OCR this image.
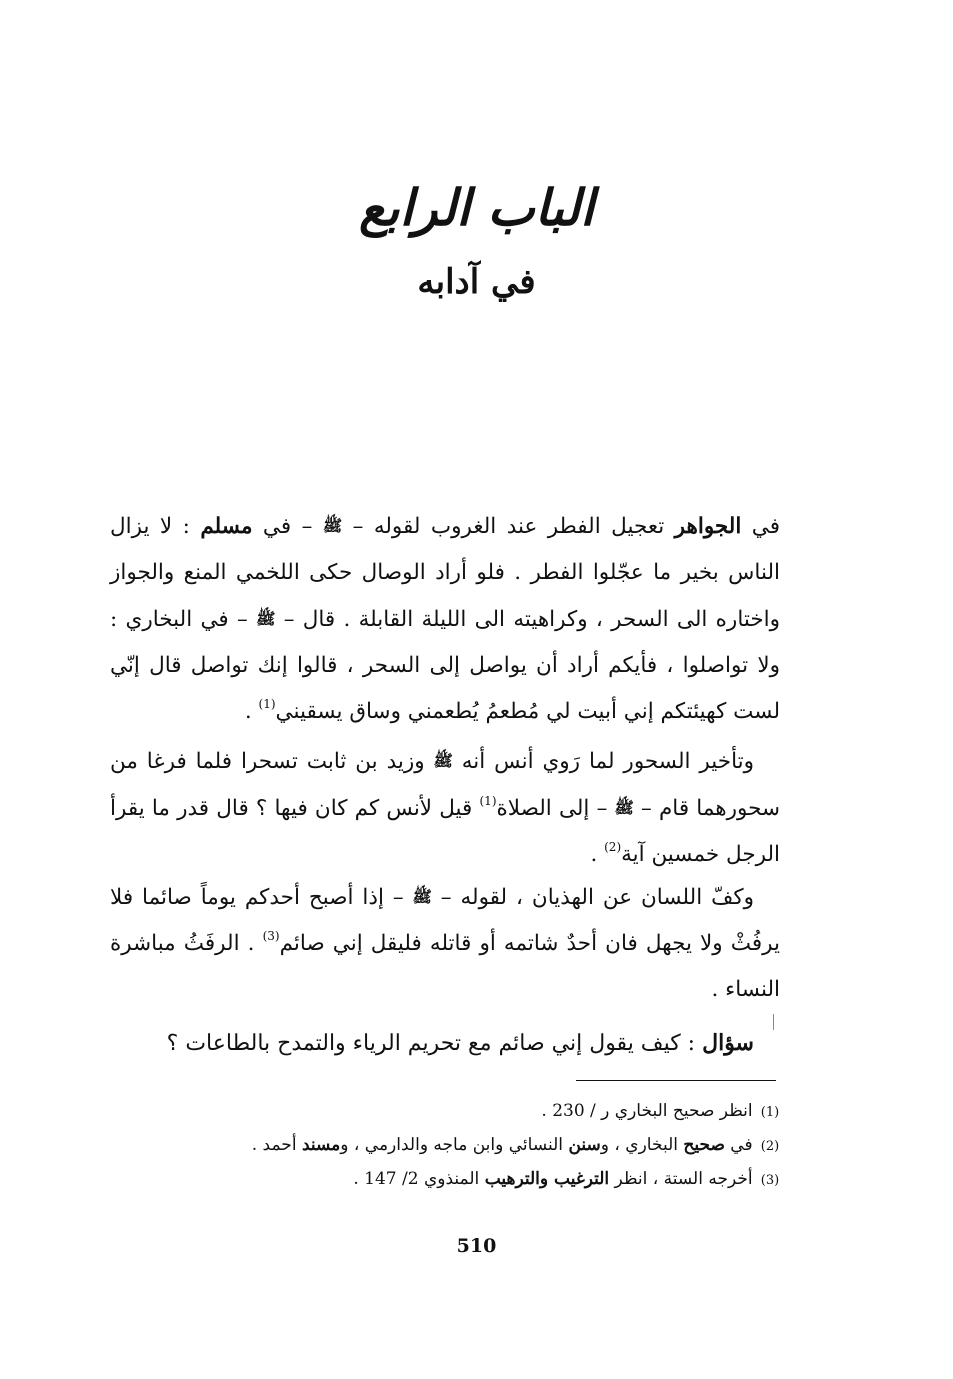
الباب الرابع
في آدابه
في الجواهر تعجيل الفطر عند الغروب لقوله – ﷺ – في مسلم : لا يزال الناس بخير ما عجّلوا الفطر . فلو أراد الوصال حكى اللخمي المنع والجواز واختاره الى السحر ، وكراهيته الى الليلة القابلة . قال – ﷺ – في البخاري : ولا تواصلوا ، فأيكم أراد أن يواصل إلى السحر ، قالوا إنك تواصل قال إنّي لست كهيئتكم إني أبيت لي مُطعمُ يُطعمني وساق يسقيني$^{(1)}$ .
وتأخير السحور لما رَوي أنس أنه ﷺ وزيد بن ثابت تسحرا فلما فرغا من سحورهما قام – ﷺ – إلى الصلاة$^{(1)}$ قيل لأنس كم كان فيها ؟ قال قدر ما يقرأ الرجل خمسين آية$^{(2)}$ .
وكفّ اللسان عن الهذيان ، لقوله – ﷺ – إذا أصبح أحدكم يوماً صائما فلا يرفُثْ ولا يجهل فان أحدٌ شاتمه أو قاتله فليقل إني صائم$^{(3)}$ . الرفَثُ مباشرة النساء .
سؤال : كيف يقول إني صائم مع تحريم الرياء والتمدح بالطاعات ؟
(1) انظر صحيح البخاري ر / 230 .
(2) في صحيح البخاري ، وسنن النسائي وابن ماجه والدارمي ، ومسند أحمد .
(3) أخرجه الستة ، انظر الترغيب والترهيب المنذوي 2/ 147 .
510
